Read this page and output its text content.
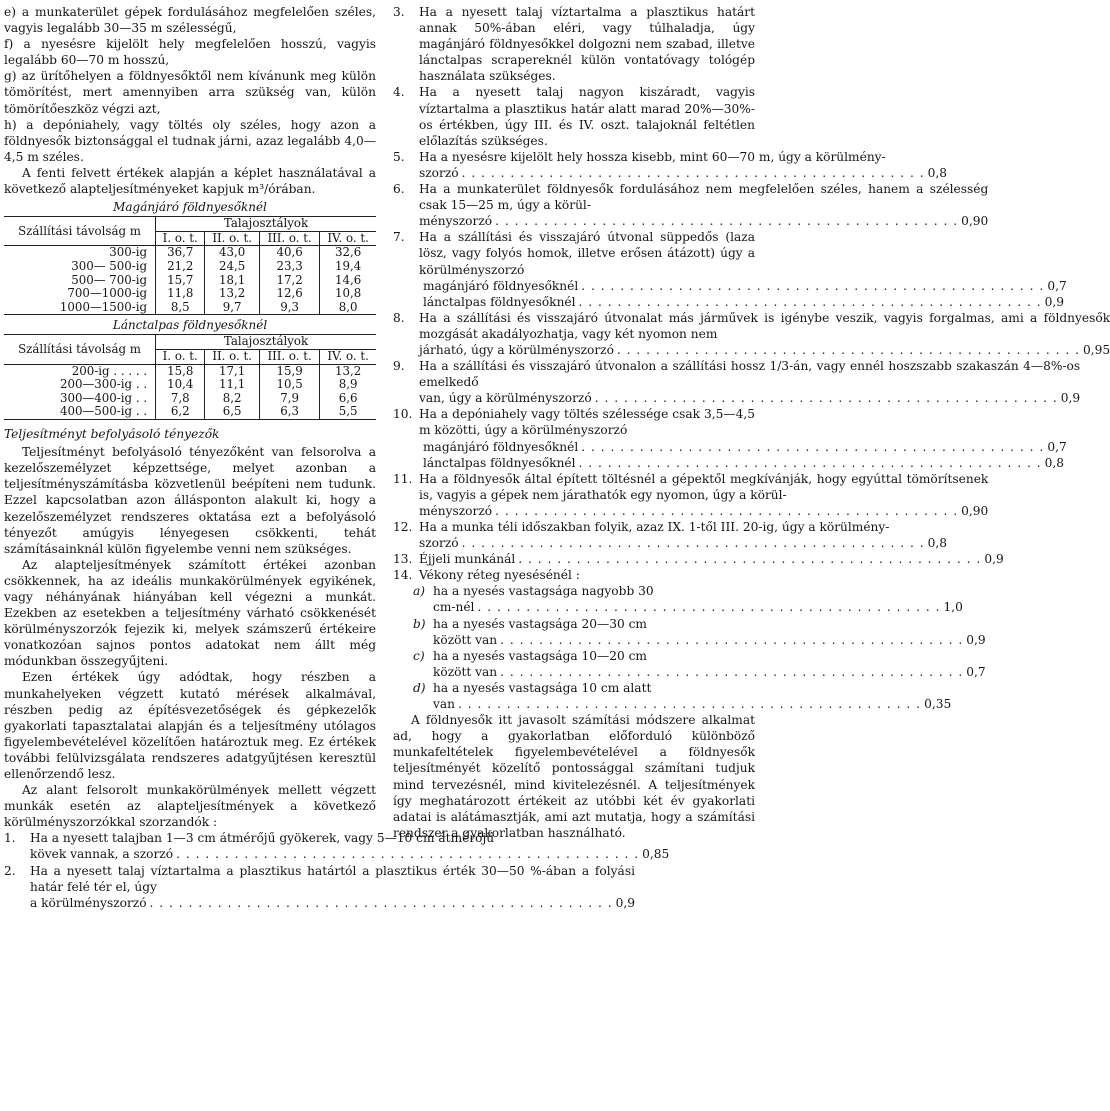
e) a munkaterület gépek fordulásához megfelelően széles, vagyis legalább 30—35 m szélességű,

f) a nyesésre kijelölt hely megfelelően hosszú, vagyis legalább 60—70 m hosszú,

g) az ürítőhelyen a földnyesőktől nem kívánunk meg külön tömörítést, mert amennyiben arra szükség van, külön tömörítőeszköz végzi azt,

h) a depóniahely, vagy töltés oly széles, hogy azon a földnyesők biztonsággal el tudnak járni, azaz legalább 4,0—4,5 m széles.

A fenti felvett értékek alapján a képlet használatával a következő alapteljesítményeket kapjuk m³/órában.

Magánjáró földnyesőknél
Szállítási távolság m	Talajosztályok			
	I. o. t.	II. o. t.	III. o. t.	IV. o. t.
300-ig	36,7	43,0	40,6	32,6
300— 500-ig	21,2	24,5	23,3	19,4
500— 700-ig	15,7	18,1	17,2	14,6
700—1000-ig	11,8	13,2	12,6	10,8
1000—1500-ig	8,5	9,7	9,3	8,0
Lánctalpas földnyesőknél
Szállítási távolság m	Talajosztályok			
	I. o. t.	II. o. t.	III. o. t.	IV. o. t.
200-ig . . . . .	15,8	17,1	15,9	13,2
200—300-ig . .	10,4	11,1	10,5	8,9
300—400-ig . .	7,8	8,2	7,9	6,6
400—500-ig . .	6,2	6,5	6,3	5,5
Teljesítményt befolyásoló tényezők

Teljesítményt befolyásoló tényezőként van felsorolva a kezelőszemélyzet képzettsége, melyet azonban a teljesítményszámításba közvetlenül beépíteni nem tudunk. Ezzel kapcsolatban azon állásponton alakult ki, hogy a kezelőszemélyzet rendszeres oktatása ezt a befolyásoló tényezőt amúgyis lényegesen csökkenti, tehát számításainknál külön figyelembe venni nem szükséges.

Az alapteljesítmények számított értékei azonban csökkennek, ha az ideális munkakörülmények egyikének, vagy néhányának hiányában kell végezni a munkát. Ezekben az esetekben a teljesítmény várható csökkenését körülményszorzók fejezik ki, melyek számszerű értékeire vonatkozóan sajnos pontos adatokat nem állt még módunkban összegyűjteni.

Ezen értékek úgy adódtak, hogy részben a munkahelyeken végzett kutató mérések alkalmával, részben pedig az építésvezetőségek és gépkezelők gyakorlati tapasztalatai alapján és a teljesítmény utólagos figyelembevételével közelítően határoztuk meg. Ez értékek további felülvizsgálata rendszeres adatgyűjtésen keresztül ellenőrzendő lesz.

Az alant felsorolt munkakörülmények mellett végzett munkák esetén az alapteljesítmények a következő körülményszorzókkal szorzandók :

1.	Ha a nyesett talajban 1—3 cm átmérőjű gyökerek, vagy 5—10 cm átmérőjű
kövek vannak, a szorzó . . . . . . . . . . . . . . . . . . . . . . . . . . . . . . . . . . . . . . . . . . . . . . . . 0,85
2.	Ha a nyesett talaj víztartalma a plasztikus határtól a plasztikus érték 30—50 %-ában a folyási határ felé tér el, úgy
a körülményszorzó . . . . . . . . . . . . . . . . . . . . . . . . . . . . . . . . . . . . . . . . . . . . . . . . 0,9
3.	Ha a nyesett talaj víztartalma a plasztikus határt annak 50%-ában eléri, vagy túlhaladja, úgy magánjáró földnyesőkkel dolgozni nem szabad, illetve lánctalpas scrapereknél külön vontatóvagy tológép használata szükséges.
4.	Ha a nyesett talaj nagyon kiszáradt, vagyis víztartalma a plasztikus határ alatt marad 20%—30%-os értékben, úgy III. és IV. oszt. talajoknál feltétlen előlazítás szükséges.
5.	Ha a nyesésre kijelölt hely hossza kisebb, mint 60—70 m, úgy a körülmény-
szorzó . . . . . . . . . . . . . . . . . . . . . . . . . . . . . . . . . . . . . . . . . . . . . . . . 0,8
6.	Ha a munkaterület földnyesők fordulásához nem megfelelően széles, hanem a szélesség csak 15—25 m, úgy a körül-
ményszorzó . . . . . . . . . . . . . . . . . . . . . . . . . . . . . . . . . . . . . . . . . . . . . . . . 0,90
7.	Ha a szállítási és visszajáró útvonal süppedős (laza lösz, vagy folyós homok, illetve erősen átázott) úgy a körülményszorzó
magánjáró földnyesőknél . . . . . . . . . . . . . . . . . . . . . . . . . . . . . . . . . . . . . . . . . . . . . . . . 0,7
lánctalpas földnyesőknél . . . . . . . . . . . . . . . . . . . . . . . . . . . . . . . . . . . . . . . . . . . . . . . . 0,9
8.	Ha a szállítási és visszajáró útvonalat más járművek is igénybe veszik, vagyis forgalmas, ami a földnyesők mozgását akadályozhatja, vagy két nyomon nem
járható, úgy a körülményszorzó . . . . . . . . . . . . . . . . . . . . . . . . . . . . . . . . . . . . . . . . . . . . . . . . 0,95
9.	Ha a szállítási és visszajáró útvonalon a szállítási hossz 1/3-án, vagy ennél hoszszabb szakaszán 4—8%-os emelkedő
van, úgy a körülményszorzó . . . . . . . . . . . . . . . . . . . . . . . . . . . . . . . . . . . . . . . . . . . . . . . . 0,9
10. Ha a depóniahely vagy töltés szélessége csak 3,5—4,5 m közötti, úgy a körülményszorzó
magánjáró földnyesőknél . . . . . . . . . . . . . . . . . . . . . . . . . . . . . . . . . . . . . . . . . . . . . . . . 0,7
lánctalpas földnyesőknél . . . . . . . . . . . . . . . . . . . . . . . . . . . . . . . . . . . . . . . . . . . . . . . . 0,8
11. Ha a földnyesők által épített töltésnél a gépektől megkívánják, hogy egyúttal tömörítsenek is, vagyis a gépek nem járathatók egy nyomon, úgy a körül-
ményszorzó . . . . . . . . . . . . . . . . . . . . . . . . . . . . . . . . . . . . . . . . . . . . . . . . 0,90
12. Ha a munka téli időszakban folyik, azaz IX. 1-től III. 20-ig, úgy a körülmény-
szorzó . . . . . . . . . . . . . . . . . . . . . . . . . . . . . . . . . . . . . . . . . . . . . . . . 0,8
13. Éjjeli munkánál . . . . . . . . . . . . . . . . . . . . . . . . . . . . . . . . . . . . . . . . . . . . . . . . 0,9
14. Vékony réteg nyesésénél :
a) ha a nyesés vastagsága nagyobb 30
cm-nél . . . . . . . . . . . . . . . . . . . . . . . . . . . . . . . . . . . . . . . . . . . . . . . . 1,0
b) ha a nyesés vastagsága 20—30 cm
között van . . . . . . . . . . . . . . . . . . . . . . . . . . . . . . . . . . . . . . . . . . . . . . . . 0,9
c) ha a nyesés vastagsága 10—20 cm
között van . . . . . . . . . . . . . . . . . . . . . . . . . . . . . . . . . . . . . . . . . . . . . . . . 0,7
d) ha a nyesés vastagsága 10 cm alatt
van . . . . . . . . . . . . . . . . . . . . . . . . . . . . . . . . . . . . . . . . . . . . . . . . 0,35

A földnyesők itt javasolt számítási módszere alkalmat ad, hogy a gyakorlatban előforduló különböző munkafeltételek figyelembevételével a földnyesők teljesítményét közelítő pontossággal számítani tudjuk mind tervezésnél, mind kivitelezésnél. A teljesítmények így meghatározott értékeit az utóbbi két év gyakorlati adatai is alátámasztják, ami azt mutatja, hogy a számítási rendszer a gyakorlatban használható.
